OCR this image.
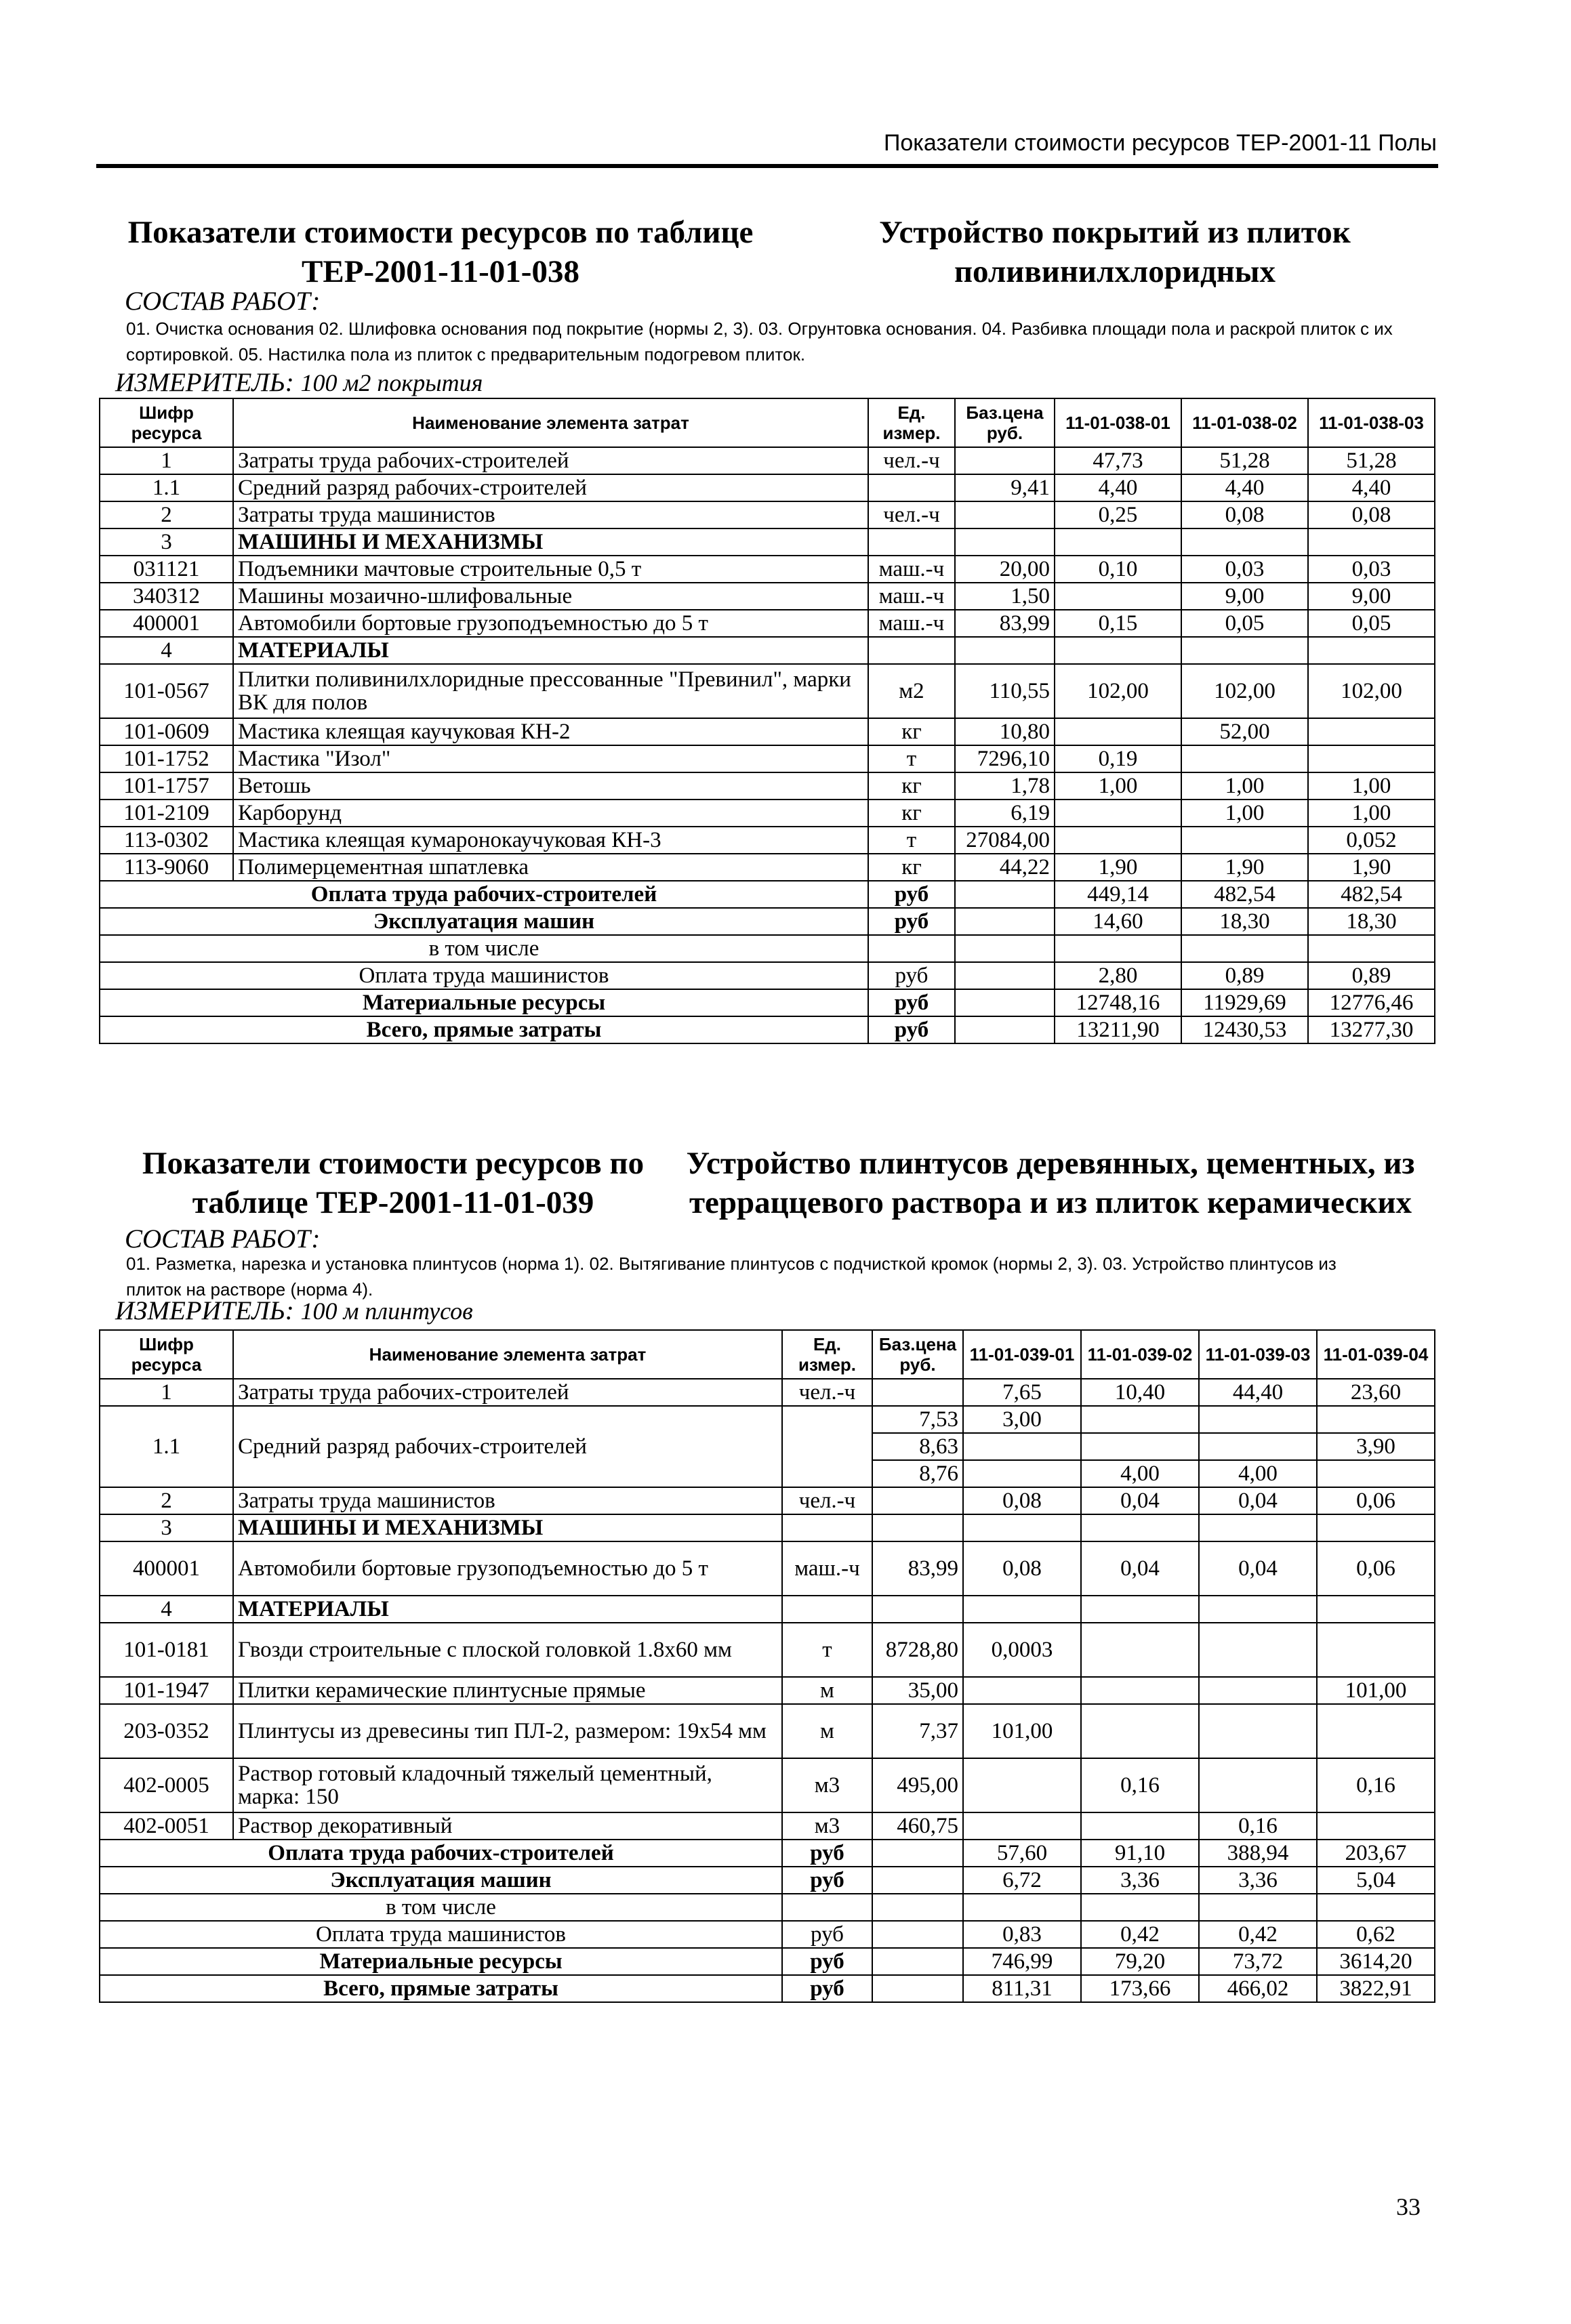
Показатели стоимости ресурсов ТЕР-2001-11 Полы
Показатели стоимости ресурсов по таблице ТЕР-2001-11-01-038
Устройство покрытий из плиток поливинилхлоридных
СОСТАВ РАБОТ:
01. Очистка основания 02. Шлифовка основания под покрытие (нормы 2, 3). 03. Огрунтовка основания. 04. Разбивка площади пола и раскрой плиток с их сортировкой. 05. Настилка пола из плиток с предварительным подогревом плиток.
ИЗМЕРИТЕЛЬ: 100 м2 покрытия
Шифр ресурса	Наименование элемента затрат	Ед. измер.	Баз.цена руб.	11-01-038-01	11-01-038-02	11-01-038-03
1	Затраты труда рабочих-строителей	чел.-ч		47,73	51,28	51,28
1.1	Средний разряд рабочих-строителей		9,41	4,40	4,40	4,40
2	Затраты труда машинистов	чел.-ч		0,25	0,08	0,08
3	МАШИНЫ И МЕХАНИЗМЫ					
031121	Подъемники мачтовые строительные 0,5 т	маш.-ч	20,00	0,10	0,03	0,03
340312	Машины мозаично-шлифовальные	маш.-ч	1,50		9,00	9,00
400001	Автомобили бортовые грузоподъемностью до 5 т	маш.-ч	83,99	0,15	0,05	0,05
4	МАТЕРИАЛЫ					
101-0567	Плитки поливинилхлоридные прессованные "Превинил", марки ВК для полов	м2	110,55	102,00	102,00	102,00
101-0609	Мастика клеящая каучуковая КН-2	кг	10,80		52,00	
101-1752	Мастика "Изол"	т	7296,10	0,19		
101-1757	Ветошь	кг	1,78	1,00	1,00	1,00
101-2109	Карборунд	кг	6,19		1,00	1,00
113-0302	Мастика клеящая кумаронокаучуковая КН-3	т	27084,00			0,052
113-9060	Полимерцементная шпатлевка	кг	44,22	1,90	1,90	1,90
Оплата труда рабочих-строителей		руб		449,14	482,54	482,54
Эксплуатация машин		руб		14,60	18,30	18,30
в том числе						
Оплата труда машинистов		руб		2,80	0,89	0,89
Материальные ресурсы		руб		12748,16	11929,69	12776,46
Всего, прямые затраты		руб		13211,90	12430,53	13277,30
Показатели стоимости ресурсов по таблице ТЕР-2001-11-01-039
Устройство плинтусов деревянных, цементных, из терраццевого раствора и из плиток керамических
СОСТАВ РАБОТ:
01. Разметка, нарезка и установка плинтусов (норма 1). 02. Вытягивание плинтусов с подчисткой кромок (нормы 2, 3). 03. Устройство плинтусов из плиток на растворе (норма 4).
ИЗМЕРИТЕЛЬ: 100 м плинтусов
Шифр ресурса	Наименование элемента затрат	Ед. измер.	Баз.цена руб.	11-01-039-01	11-01-039-02	11-01-039-03	11-01-039-04
1	Затраты труда рабочих-строителей	чел.-ч		7,65	10,40	44,40	23,60
1.1	Средний разряд рабочих-строителей		7,53	3,00			
			8,63				3,90
			8,76		4,00	4,00	
2	Затраты труда машинистов	чел.-ч		0,08	0,04	0,04	0,06
3	МАШИНЫ И МЕХАНИЗМЫ						
400001	Автомобили бортовые грузоподъемностью до 5 т	маш.-ч	83,99	0,08	0,04	0,04	0,06
4	МАТЕРИАЛЫ						
101-0181	Гвозди строительные с плоской головкой 1.8x60 мм	т	8728,80	0,0003			
101-1947	Плитки керамические плинтусные прямые	м	35,00				101,00
203-0352	Плинтусы из древесины тип ПЛ-2, размером: 19x54 мм	м	7,37	101,00			
402-0005	Раствор готовый кладочный тяжелый цементный, марка: 150	м3	495,00		0,16		0,16
402-0051	Раствор декоративный	м3	460,75			0,16	
Оплата труда рабочих-строителей		руб		57,60	91,10	388,94	203,67
Эксплуатация машин		руб		6,72	3,36	3,36	5,04
в том числе							
Оплата труда машинистов		руб		0,83	0,42	0,42	0,62
Материальные ресурсы		руб		746,99	79,20	73,72	3614,20
Всего, прямые затраты		руб		811,31	173,66	466,02	3822,91
33
